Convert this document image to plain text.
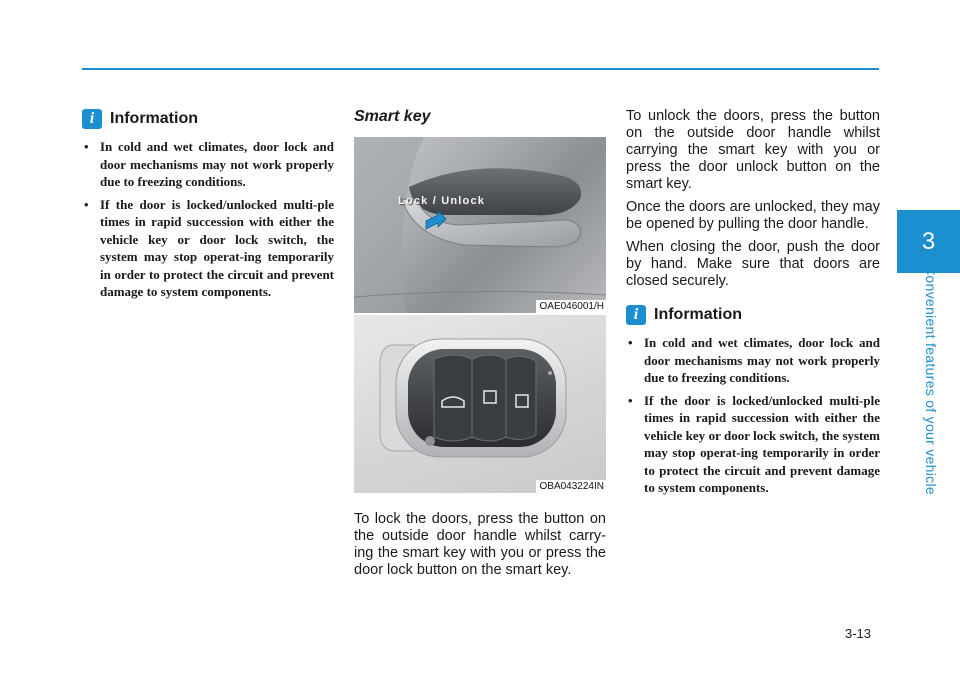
3
Convenient features of your vehicle
i Information
• In cold and wet climates, door lock and door mechanisms may not work properly due to freezing conditions.
• If the door is locked/unlocked multi-ple times in rapid succession with either the vehicle key or door lock switch, the system may stop operat-ing temporarily in order to protect the circuit and prevent damage to system components.
Smart key
Lock / Unlock
OAE046001/H
OBA043224IN

To lock the doors, press the button on the outside door handle whilst carry-ing the smart key with you or press the door lock button on the smart key.

To unlock the doors, press the button on the outside door handle whilst carrying the smart key with you or press the door unlock button on the smart key.

Once the doors are unlocked, they may be opened by pulling the door handle.

When closing the door, push the door by hand. Make sure that doors are closed securely.

i Information
• In cold and wet climates, door lock and door mechanisms may not work properly due to freezing conditions.
• If the door is locked/unlocked multi-ple times in rapid succession with either the vehicle key or door lock switch, the system may stop operat-ing temporarily in order to protect the circuit and prevent damage to system components.
3-13
